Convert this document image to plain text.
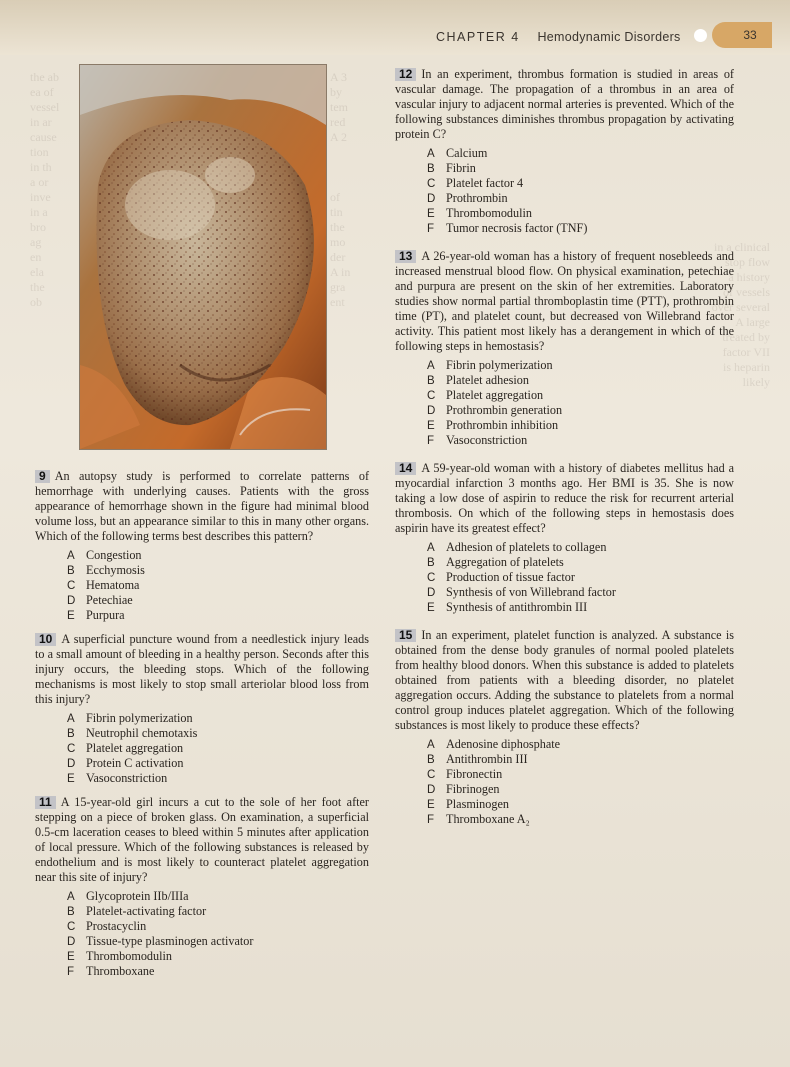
CHAPTER 4 Hemodynamic Disorders	33
the ab
ea of
vessel
in ar
cause
tion
in th
a or
inve
in a
bro
ag
en
ela
the
ob
A 3
by
tem
red
A 2

of
tin
the
mo
der
A in
gra
ent
in a clinical
stop flow
a history
of vessels
over several
A large
treated by
factor VII
is heparin
likely

9 An autopsy study is performed to correlate patterns of hemorrhage with underlying causes. Patients with the gross appearance of hemorrhage shown in the figure had minimal blood volume loss, but an appearance similar to this in many other organs. Which of the following terms best describes this pattern?

A Congestion
B Ecchymosis
C Hematoma
D Petechiae
E Purpura

10 A superficial puncture wound from a needlestick injury leads to a small amount of bleeding in a healthy person. Seconds after this injury occurs, the bleeding stops. Which of the following mechanisms is most likely to stop small arteriolar blood loss from this injury?

A Fibrin polymerization
B Neutrophil chemotaxis
C Platelet aggregation
D Protein C activation
E Vasoconstriction

11 A 15-year-old girl incurs a cut to the sole of her foot after stepping on a piece of broken glass. On examination, a superficial 0.5-cm laceration ceases to bleed within 5 minutes after application of local pressure. Which of the following substances is released by endothelium and is most likely to counteract platelet aggregation near this site of injury?

A Glycoprotein IIb/IIIa
B Platelet-activating factor
C Prostacyclin
D Tissue-type plasminogen activator
E Thrombomodulin
F Thromboxane

12 In an experiment, thrombus formation is studied in areas of vascular damage. The propagation of a thrombus in an area of vascular injury to adjacent normal arteries is prevented. Which of the following substances diminishes thrombus propagation by activating protein C?

A Calcium
B Fibrin
C Platelet factor 4
D Prothrombin
E Thrombomodulin
F Tumor necrosis factor (TNF)

13 A 26-year-old woman has a history of frequent nosebleeds and increased menstrual blood flow. On physical examination, petechiae and purpura are present on the skin of her extremities. Laboratory studies show normal partial thromboplastin time (PTT), prothrombin time (PT), and platelet count, but decreased von Willebrand factor activity. This patient most likely has a derangement in which of the following steps in hemostasis?

A Fibrin polymerization
B Platelet adhesion
C Platelet aggregation
D Prothrombin generation
E Prothrombin inhibition
F Vasoconstriction

14 A 59-year-old woman with a history of diabetes mellitus had a myocardial infarction 3 months ago. Her BMI is 35. She is now taking a low dose of aspirin to reduce the risk for recurrent arterial thrombosis. On which of the following steps in hemostasis does aspirin have its greatest effect?

A Adhesion of platelets to collagen
B Aggregation of platelets
C Production of tissue factor
D Synthesis of von Willebrand factor
E Synthesis of antithrombin III

15 In an experiment, platelet function is analyzed. A substance is obtained from the dense body granules of normal pooled platelets from healthy blood donors. When this substance is added to platelets obtained from patients with a bleeding disorder, no platelet aggregation occurs. Adding the substance to platelets from a normal control group induces platelet aggregation. Which of the following substances is most likely to produce these effects?

A Adenosine diphosphate
B Antithrombin III
C Fibronectin
D Fibrinogen
E Plasminogen
F Thromboxane A₂
